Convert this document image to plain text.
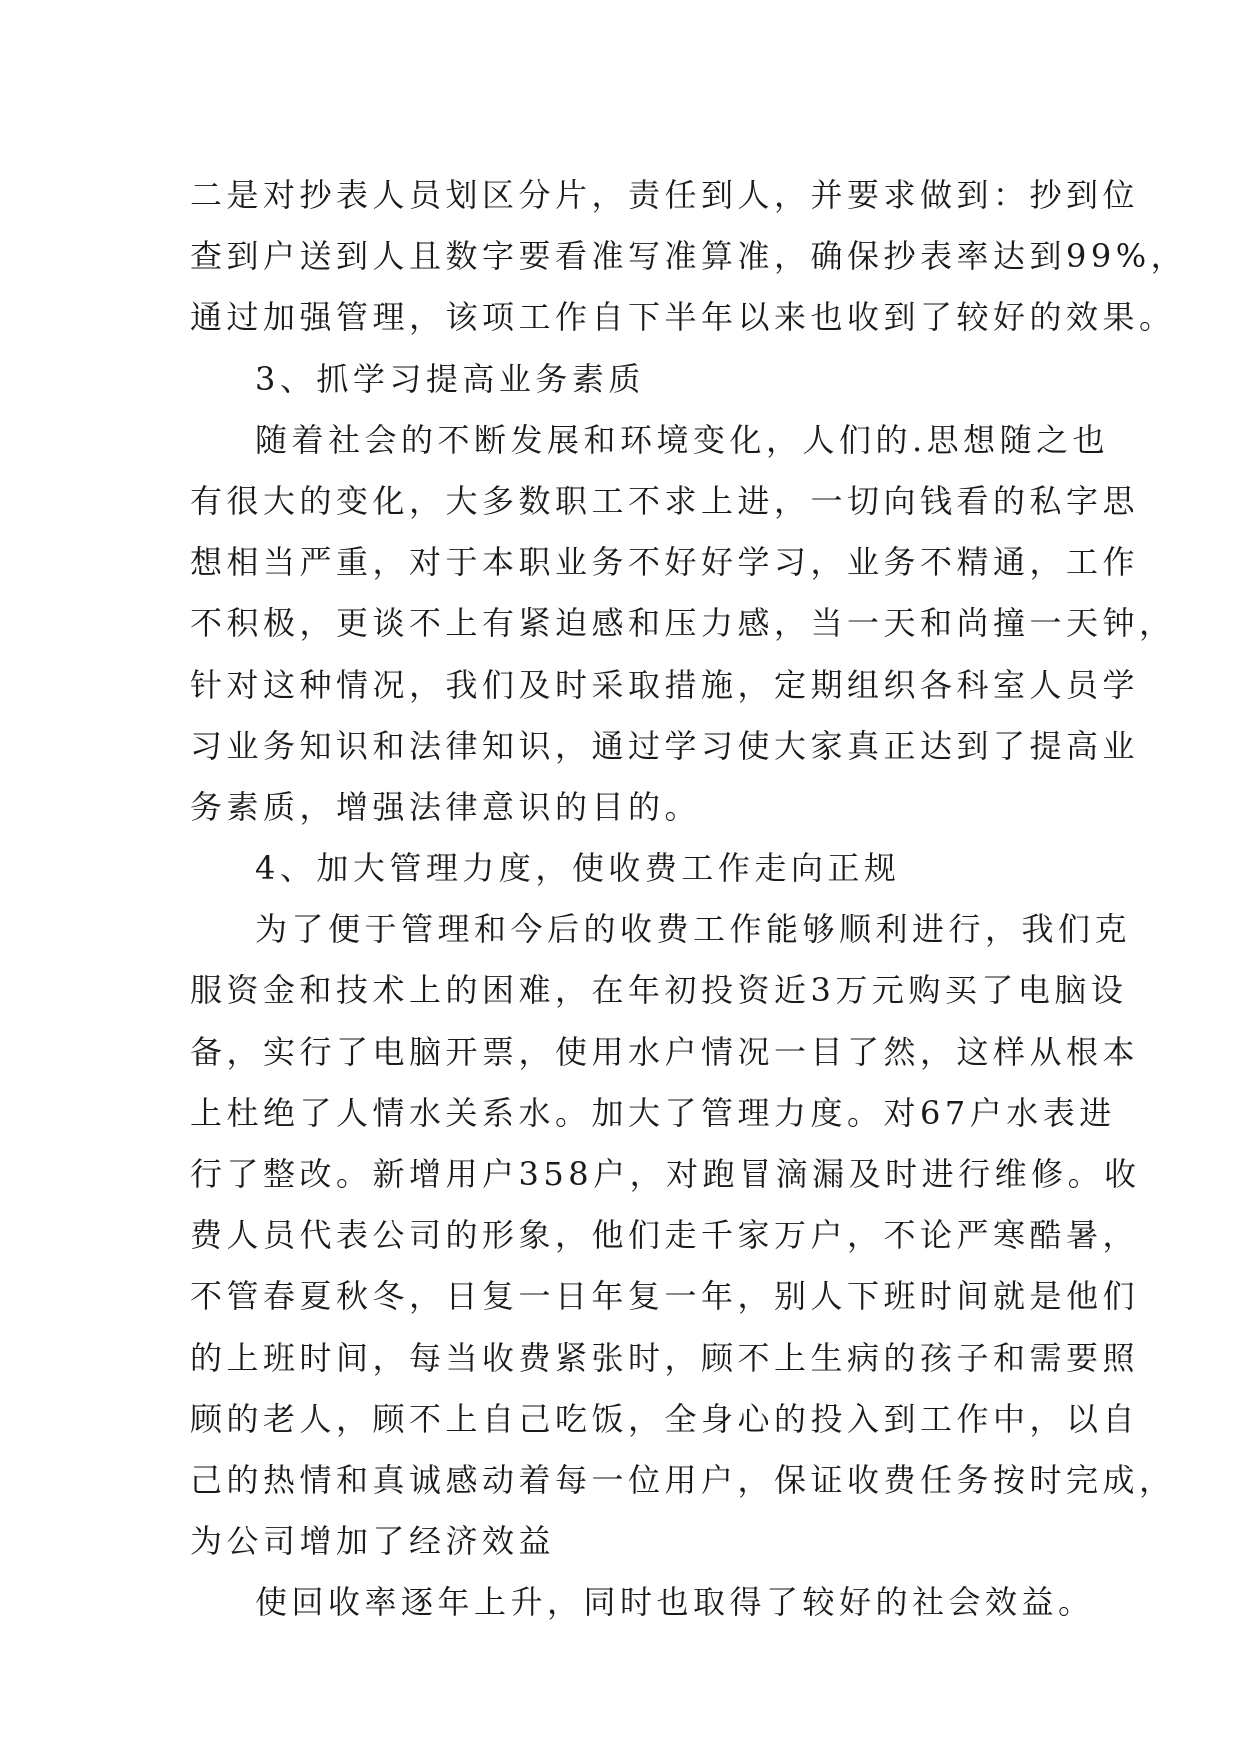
二是对抄表人员划区分片，责任到人，并要求做到：抄到位
查到户送到人且数字要看准写准算准，确保抄表率达到99%，
通过加强管理，该项工作自下半年以来也收到了较好的效果。
3、抓学习提高业务素质
随着社会的不断发展和环境变化，人们的.思想随之也
有很大的变化，大多数职工不求上进，一切向钱看的私字思
想相当严重，对于本职业务不好好学习，业务不精通，工作
不积极，更谈不上有紧迫感和压力感，当一天和尚撞一天钟，
针对这种情况，我们及时采取措施，定期组织各科室人员学
习业务知识和法律知识，通过学习使大家真正达到了提高业
务素质，增强法律意识的目的。
4、加大管理力度，使收费工作走向正规
为了便于管理和今后的收费工作能够顺利进行，我们克
服资金和技术上的困难，在年初投资近3万元购买了电脑设
备，实行了电脑开票，使用水户情况一目了然，这样从根本
上杜绝了人情水关系水。加大了管理力度。对67户水表进
行了整改。新增用户358户，对跑冒滴漏及时进行维修。收
费人员代表公司的形象，他们走千家万户，不论严寒酷暑，
不管春夏秋冬，日复一日年复一年，别人下班时间就是他们
的上班时间，每当收费紧张时，顾不上生病的孩子和需要照
顾的老人，顾不上自己吃饭，全身心的投入到工作中，以自
己的热情和真诚感动着每一位用户，保证收费任务按时完成，
为公司增加了经济效益
使回收率逐年上升，同时也取得了较好的社会效益。
